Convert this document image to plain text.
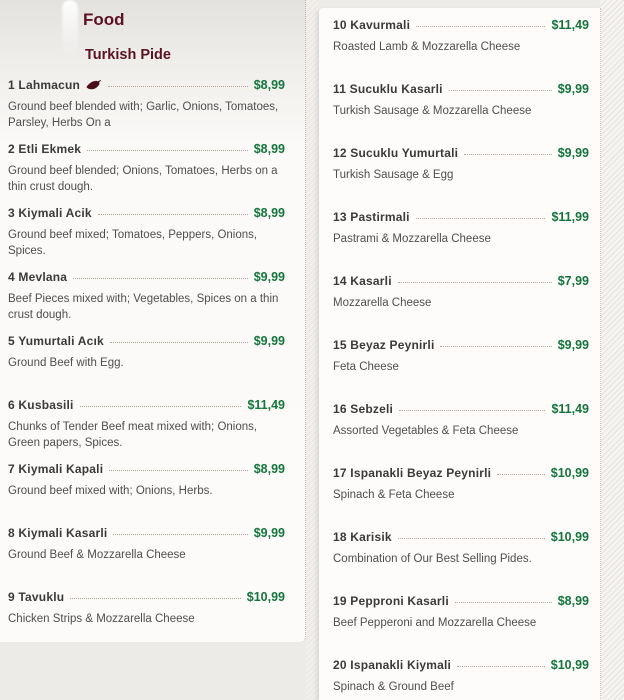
Food
Turkish Pide
1 Lahmacun	$8,99
Ground beef blended with; Garlic, Onions, Tomatoes, Parsley, Herbs On a
2 Etli Ekmek	$8,99
Ground beef blended; Onions, Tomatoes, Herbs on a thin crust dough.
3 Kiymali Acik	$8,99
Ground beef mixed; Tomatoes, Peppers, Onions, Spices.
4 Mevlana	$9,99
Beef Pieces mixed with; Vegetables, Spices on a thin crust dough.
5 Yumurtali Acık	$9,99
Ground Beef with Egg.
6 Kusbasili	$11,49
Chunks of Tender Beef meat mixed with; Onions, Green papers, Spices.
7 Kiymali Kapali	$8,99
Ground beef mixed with; Onions, Herbs.
8 Kiymali Kasarli	$9,99
Ground Beef & Mozzarella Cheese
9 Tavuklu	$10,99
Chicken Strips & Mozzarella Cheese
10 Kavurmali	$11,49
Roasted Lamb & Mozzarella Cheese
11 Sucuklu Kasarli	$9,99
Turkish Sausage & Mozzarella Cheese
12 Sucuklu Yumurtali	$9,99
Turkish Sausage & Egg
13 Pastirmali	$11,99
Pastrami & Mozzarella Cheese
14 Kasarli	$7,99
Mozzarella Cheese
15 Beyaz Peynirli	$9,99
Feta Cheese
16 Sebzeli	$11,49
Assorted Vegetables & Feta Cheese
17 Ispanakli Beyaz Peynirli	$10,99
Spinach & Feta Cheese
18 Karisik	$10,99
Combination of Our Best Selling Pides.
19 Pepproni Kasarli	$8,99
Beef Pepperoni and Mozzarella Cheese
20 Ispanakli Kiymali	$10,99
Spinach & Ground Beef
